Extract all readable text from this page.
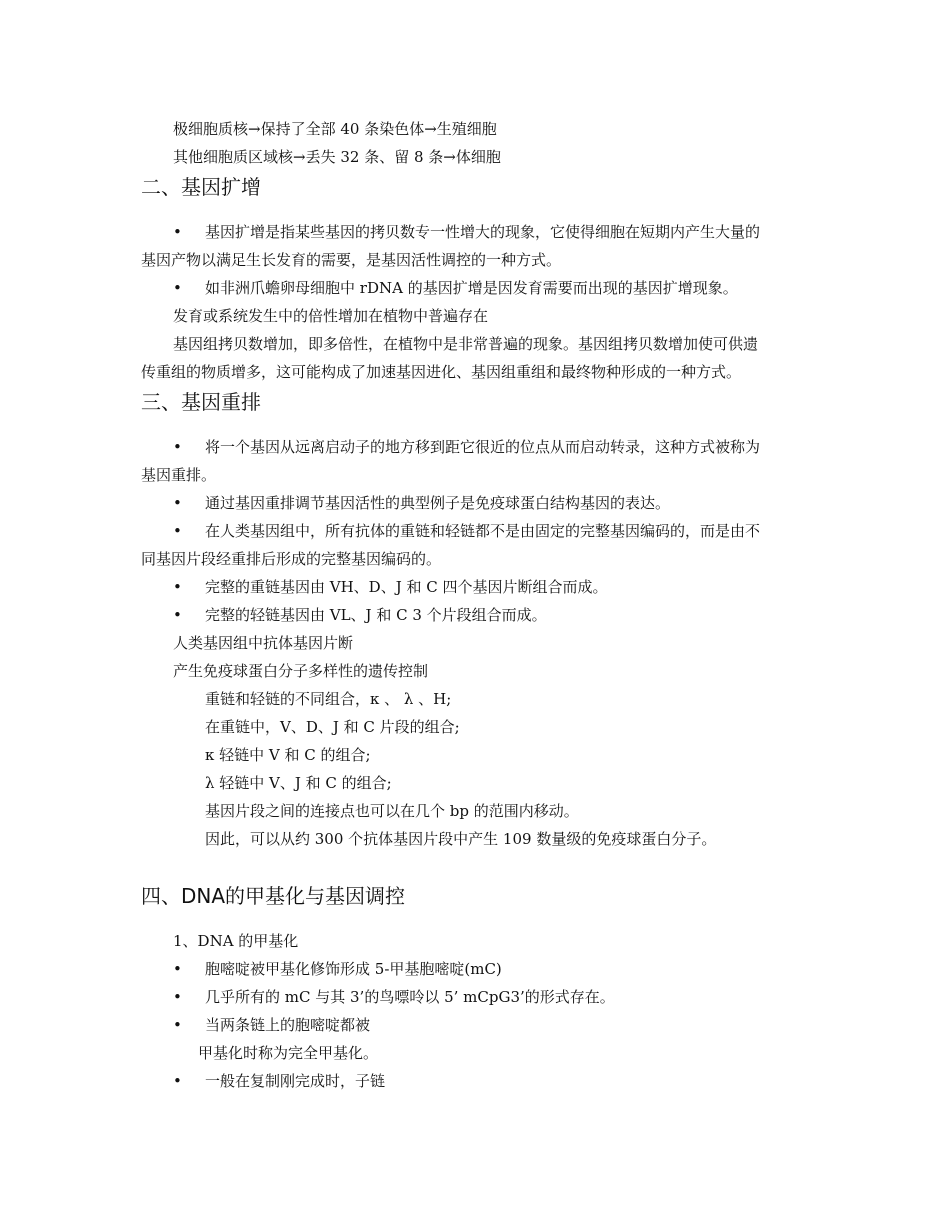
极细胞质核→保持了全部 40 条染色体→生殖细胞

其他细胞质区域核→丢失 32 条、留 8 条→体细胞

二、基因扩增
• 基因扩增是指某些基因的拷贝数专一性增大的现象，它使得细胞在短期内产生大量的

基因产物以满足生长发育的需要，是基因活性调控的一种方式。

• 如非洲爪蟾卵母细胞中 rDNA 的基因扩增是因发育需要而出现的基因扩增现象。

发育或系统发生中的倍性增加在植物中普遍存在

基因组拷贝数增加，即多倍性，在植物中是非常普遍的现象。基因组拷贝数增加使可供遗

传重组的物质增多，这可能构成了加速基因进化、基因组重组和最终物种形成的一种方式。

三、基因重排
• 将一个基因从远离启动子的地方移到距它很近的位点从而启动转录，这种方式被称为

基因重排。

• 通过基因重排调节基因活性的典型例子是免疫球蛋白结构基因的表达。

• 在人类基因组中，所有抗体的重链和轻链都不是由固定的完整基因编码的，而是由不

同基因片段经重排后形成的完整基因编码的。

• 完整的重链基因由 VH、D、J 和 C 四个基因片断组合而成。

• 完整的轻链基因由 VL、J 和 C 3 个片段组合而成。

人类基因组中抗体基因片断

产生免疫球蛋白分子多样性的遗传控制

重链和轻链的不同组合，κ 、 λ 、H;

在重链中，V、D、J 和 C 片段的组合;

κ 轻链中 V 和 C 的组合;

λ 轻链中 V、J 和 C 的组合;

基因片段之间的连接点也可以在几个 bp 的范围内移动。

因此，可以从约 300 个抗体基因片段中产生 109 数量级的免疫球蛋白分子。

四、DNA的甲基化与基因调控

1、DNA 的甲基化

• 胞嘧啶被甲基化修饰形成 5-甲基胞嘧啶(mC)

• 几乎所有的 mC 与其 3’的鸟嘌呤以 5’ mCpG3’的形式存在。

• 当两条链上的胞嘧啶都被

甲基化时称为完全甲基化。

• 一般在复制刚完成时，子链
